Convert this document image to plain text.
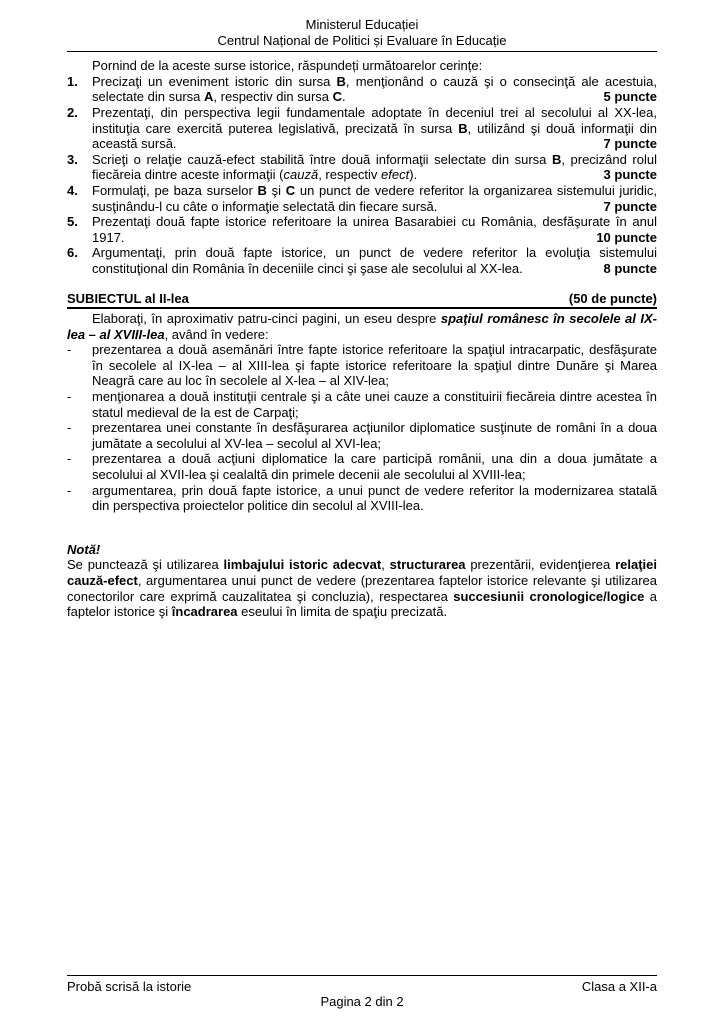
Ministerul Educației
Centrul Național de Politici și Evaluare în Educație
Pornind de la aceste surse istorice, răspundeți următoarelor cerințe:
1. Precizaţi un eveniment istoric din sursa B, menţionând o cauză şi o consecinţă ale acestuia, selectate din sursa A, respectiv din sursa C.	5 puncte
2. Prezentaţi, din perspectiva legii fundamentale adoptate în deceniul trei al secolului al XX-lea, instituţia care exercită puterea legislativă, precizată în sursa B, utilizând şi două informaţii din această sursă.	7 puncte
3. Scrieţi o relaţie cauză-efect stabilită între două informaţii selectate din sursa B, precizând rolul fiecăreia dintre aceste informaţii (cauză, respectiv efect).	3 puncte
4. Formulaţi, pe baza surselor B şi C un punct de vedere referitor la organizarea sistemului juridic, susţinându-l cu câte o informaţie selectată din fiecare sursă.	7 puncte
5. Prezentaţi două fapte istorice referitoare la unirea Basarabiei cu România, desfăşurate în anul 1917.	10 puncte
6. Argumentaţi, prin două fapte istorice, un punct de vedere referitor la evoluţia sistemului constituţional din România în deceniile cinci şi şase ale secolului al XX-lea.	8 puncte
SUBIECTUL al II-lea	(50 de puncte)
Elaboraţi, în aproximativ patru-cinci pagini, un eseu despre spaţiul românesc în secolele al IX-lea – al XVIII-lea, având în vedere:
- prezentarea a două asemănări între fapte istorice referitoare la spaţiul intracarpatic, desfăşurate în secolele al IX-lea – al XIII-lea şi fapte istorice referitoare la spaţiul dintre Dunăre şi Marea Neagră care au loc în secolele al X-lea – al XIV-lea;
- menţionarea a două instituţii centrale şi a câte unei cauze a constituirii fiecăreia dintre acestea în statul medieval de la est de Carpaţi;
- prezentarea unei constante în desfăşurarea acţiunilor diplomatice susţinute de români în a doua jumătate a secolului al XV-lea – secolul al XVI-lea;
- prezentarea a două acţiuni diplomatice la care participă românii, una din a doua jumătate a secolului al XVII-lea şi cealaltă din primele decenii ale secolului al XVIII-lea;
- argumentarea, prin două fapte istorice, a unui punct de vedere referitor la modernizarea statală din perspectiva proiectelor politice din secolul al XVIII-lea.
Notă!
Se punctează şi utilizarea limbajului istoric adecvat, structurarea prezentării, evidenţierea relaţiei cauză-efect, argumentarea unui punct de vedere (prezentarea faptelor istorice relevante şi utilizarea conectorilor care exprimă cauzalitatea şi concluzia), respectarea succesiunii cronologice/logice a faptelor istorice şi încadrarea eseului în limita de spaţiu precizată.
Probă scrisă la istorie	Clasa a XII-a
Pagina 2 din 2
